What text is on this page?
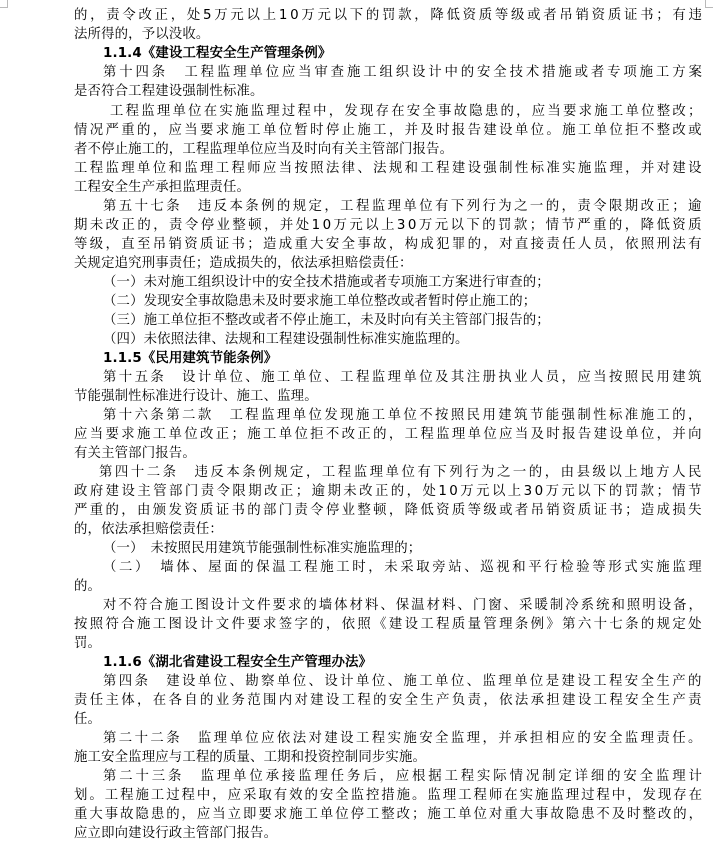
的，责令改正，处5万元以上10万元以下的罚款，降低资质等级或者吊销资质证书；有违
法所得的，予以没收。
1.1.4《建设工程安全生产管理条例》
第十四条　工程监理单位应当审查施工组织设计中的安全技术措施或者专项施工方案
是否符合工程建设强制性标准。
工程监理单位在实施监理过程中，发现存在安全事故隐患的，应当要求施工单位整改；
情况严重的，应当要求施工单位暂时停止施工，并及时报告建设单位。施工单位拒不整改或
者不停止施工的，工程监理单位应当及时向有关主管部门报告。
工程监理单位和监理工程师应当按照法律、法规和工程建设强制性标准实施监理，并对建设
工程安全生产承担监理责任。
第五十七条　违反本条例的规定，工程监理单位有下列行为之一的，责令限期改正；逾
期未改正的，责令停业整顿，并处10万元以上30万元以下的罚款；情节严重的，降低资质
等级，直至吊销资质证书；造成重大安全事故，构成犯罪的，对直接责任人员，依照刑法有
关规定追究刑事责任；造成损失的，依法承担赔偿责任：
（一）未对施工组织设计中的安全技术措施或者专项施工方案进行审查的；
（二）发现安全事故隐患未及时要求施工单位整改或者暂时停止施工的；
（三）施工单位拒不整改或者不停止施工，未及时向有关主管部门报告的；
（四）未依照法律、法规和工程建设强制性标准实施监理的。
1.1.5《民用建筑节能条例》
第十五条　设计单位、施工单位、工程监理单位及其注册执业人员，应当按照民用建筑
节能强制性标准进行设计、施工、监理。
第十六条第二款　工程监理单位发现施工单位不按照民用建筑节能强制性标准施工的，
应当要求施工单位改正；施工单位拒不改正的，工程监理单位应当及时报告建设单位，并向
有关主管部门报告。
第四十二条　违反本条例规定，工程监理单位有下列行为之一的，由县级以上地方人民
政府建设主管部门责令限期改正；逾期未改正的，处10万元以上30万元以下的罚款；情节
严重的，由颁发资质证书的部门责令停业整顿，降低资质等级或者吊销资质证书；造成损失
的，依法承担赔偿责任：
（一）　未按照民用建筑节能强制性标准实施监理的；
（二）　墙体、屋面的保温工程施工时，未采取旁站、巡视和平行检验等形式实施监理
的。
对不符合施工图设计文件要求的墙体材料、保温材料、门窗、采暖制冷系统和照明设备，
按照符合施工图设计文件要求签字的，依照《建设工程质量管理条例》第六十七条的规定处
罚。
1.1.6《湖北省建设工程安全生产管理办法》
第四条　建设单位、勘察单位、设计单位、施工单位、监理单位是建设工程安全生产的
责任主体，在各自的业务范围内对建设工程的安全生产负责，依法承担建设工程安全生产责
任。
第二十二条　监理单位应依法对建设工程实施安全监理，并承担相应的安全监理责任。
施工安全监理应与工程的质量、工期和投资控制同步实施。
第二十三条　监理单位承接监理任务后，应根据工程实际情况制定详细的安全监理计
划。工程施工过程中，应采取有效的安全监控措施。监理工程师在实施监理过程中，发现存在
重大事故隐患的，应当立即要求施工单位停工整改；施工单位对重大事故隐患不及时整改的，
应立即向建设行政主管部门报告。
